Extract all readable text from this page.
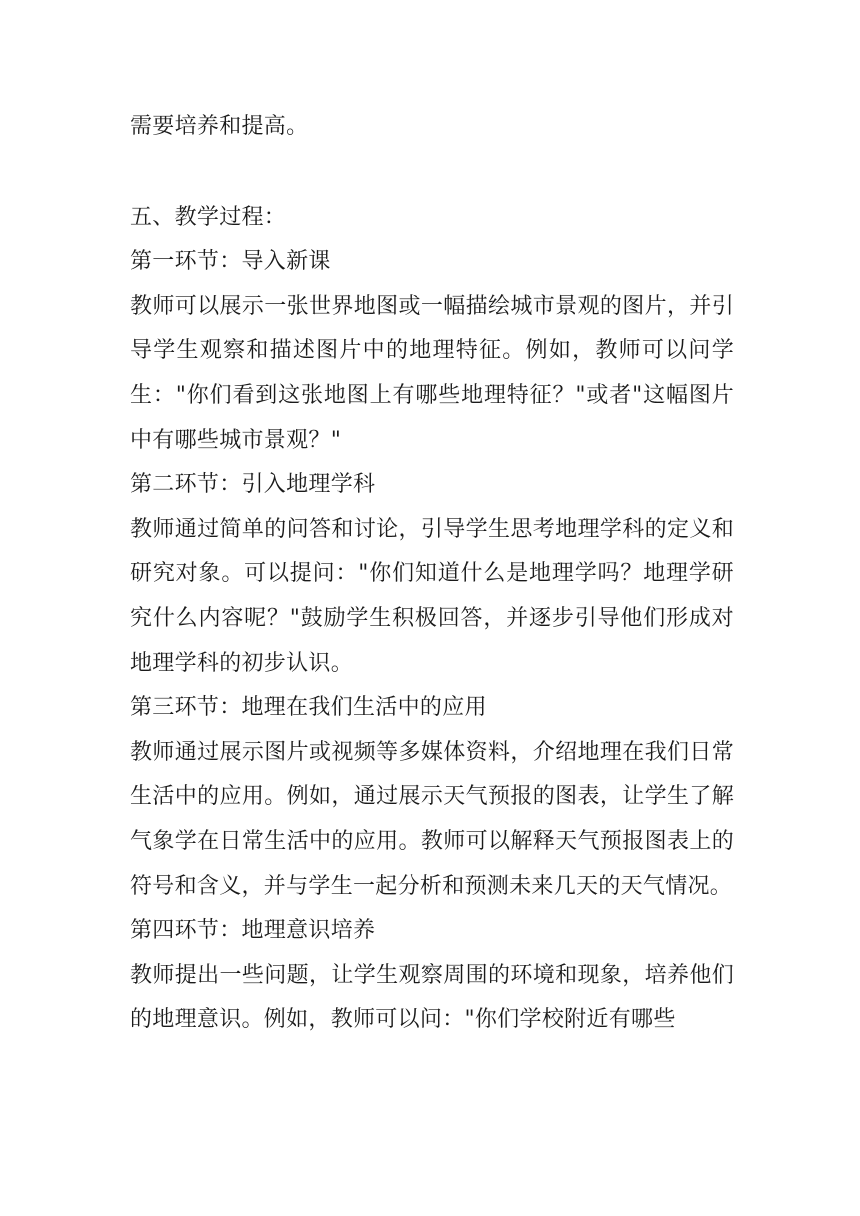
需要培养和提高。

五、教学过程：

第一环节：导入新课

教师可以展示一张世界地图或一幅描绘城市景观的图片，并引导学生观察和描述图片中的地理特征。例如，教师可以问学生："你们看到这张地图上有哪些地理特征？"或者"这幅图片中有哪些城市景观？"

第二环节：引入地理学科

教师通过简单的问答和讨论，引导学生思考地理学科的定义和研究对象。可以提问："你们知道什么是地理学吗？地理学研究什么内容呢？"鼓励学生积极回答，并逐步引导他们形成对地理学科的初步认识。

第三环节：地理在我们生活中的应用

教师通过展示图片或视频等多媒体资料，介绍地理在我们日常生活中的应用。例如，通过展示天气预报的图表，让学生了解气象学在日常生活中的应用。教师可以解释天气预报图表上的符号和含义，并与学生一起分析和预测未来几天的天气情况。

第四环节：地理意识培养

教师提出一些问题，让学生观察周围的环境和现象，培养他们的地理意识。例如，教师可以问："你们学校附近有哪些
